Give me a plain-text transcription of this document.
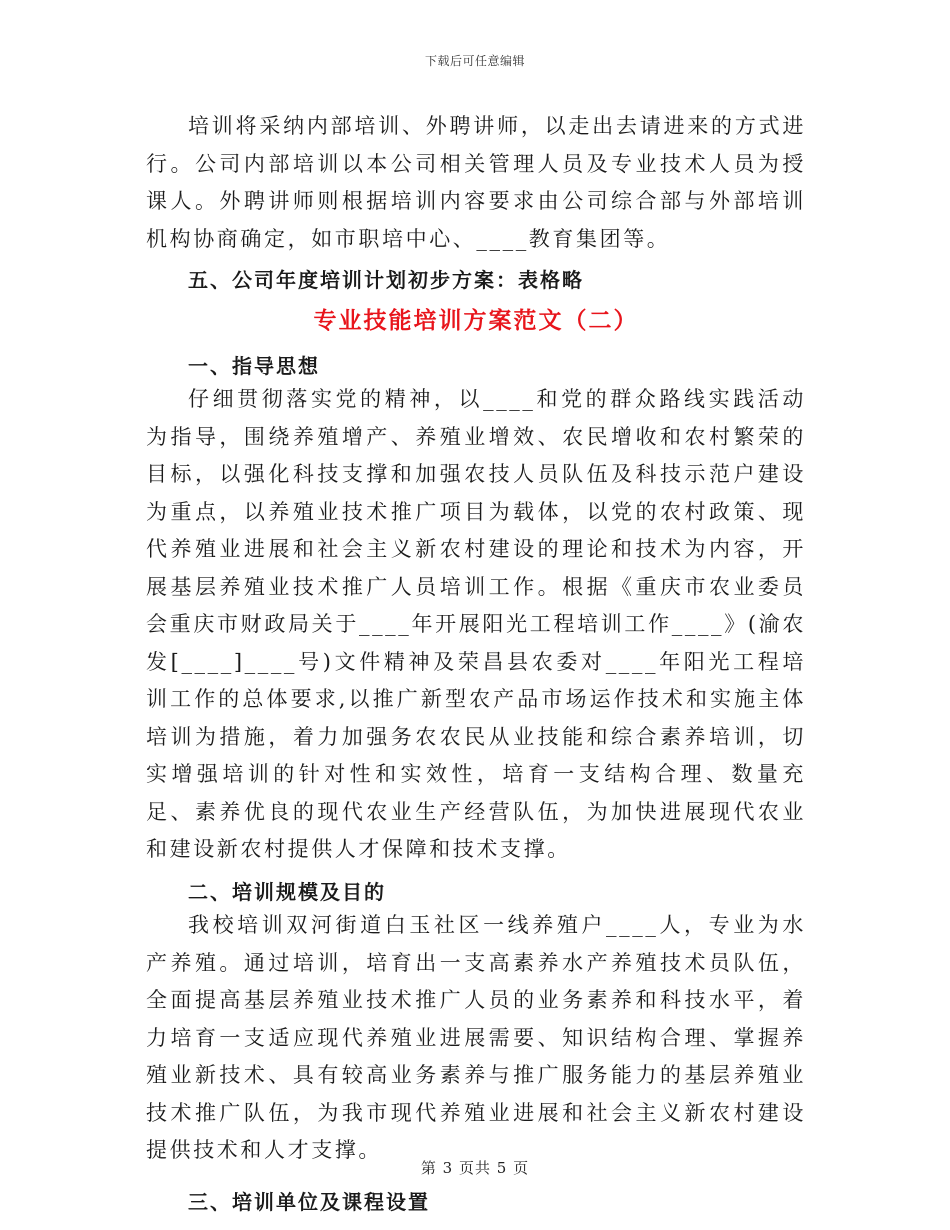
下载后可任意编辑

培训将采纳内部培训、外聘讲师，以走出去请进来的方式进行。公司内部培训以本公司相关管理人员及专业技术人员为授课人。外聘讲师则根据培训内容要求由公司综合部与外部培训机构协商确定，如市职培中心、____教育集团等。

五、公司年度培训计划初步方案：表格略

专业技能培训方案范文（二）

一、指导思想

仔细贯彻落实党的精神，以____和党的群众路线实践活动为指导，围绕养殖增产、养殖业增效、农民增收和农村繁荣的目标，以强化科技支撑和加强农技人员队伍及科技示范户建设为重点，以养殖业技术推广项目为载体，以党的农村政策、现代养殖业进展和社会主义新农村建设的理论和技术为内容，开展基层养殖业技术推广人员培训工作。根据《重庆市农业委员会重庆市财政局关于____年开展阳光工程培训工作____》(渝农发[____]____号)文件精神及荣昌县农委对____年阳光工程培训工作的总体要求,以推广新型农产品市场运作技术和实施主体培训为措施，着力加强务农农民从业技能和综合素养培训，切实增强培训的针对性和实效性，培育一支结构合理、数量充足、素养优良的现代农业生产经营队伍，为加快进展现代农业和建设新农村提供人才保障和技术支撑。

二、培训规模及目的

我校培训双河街道白玉社区一线养殖户____人，专业为水产养殖。通过培训，培育出一支高素养水产养殖技术员队伍，全面提高基层养殖业技术推广人员的业务素养和科技水平，着力培育一支适应现代养殖业进展需要、知识结构合理、掌握养殖业新技术、具有较高业务素养与推广服务能力的基层养殖业技术推广队伍，为我市现代养殖业进展和社会主义新农村建设提供技术和人才支撑。

三、培训单位及课程设置

第 3 页共 5 页
